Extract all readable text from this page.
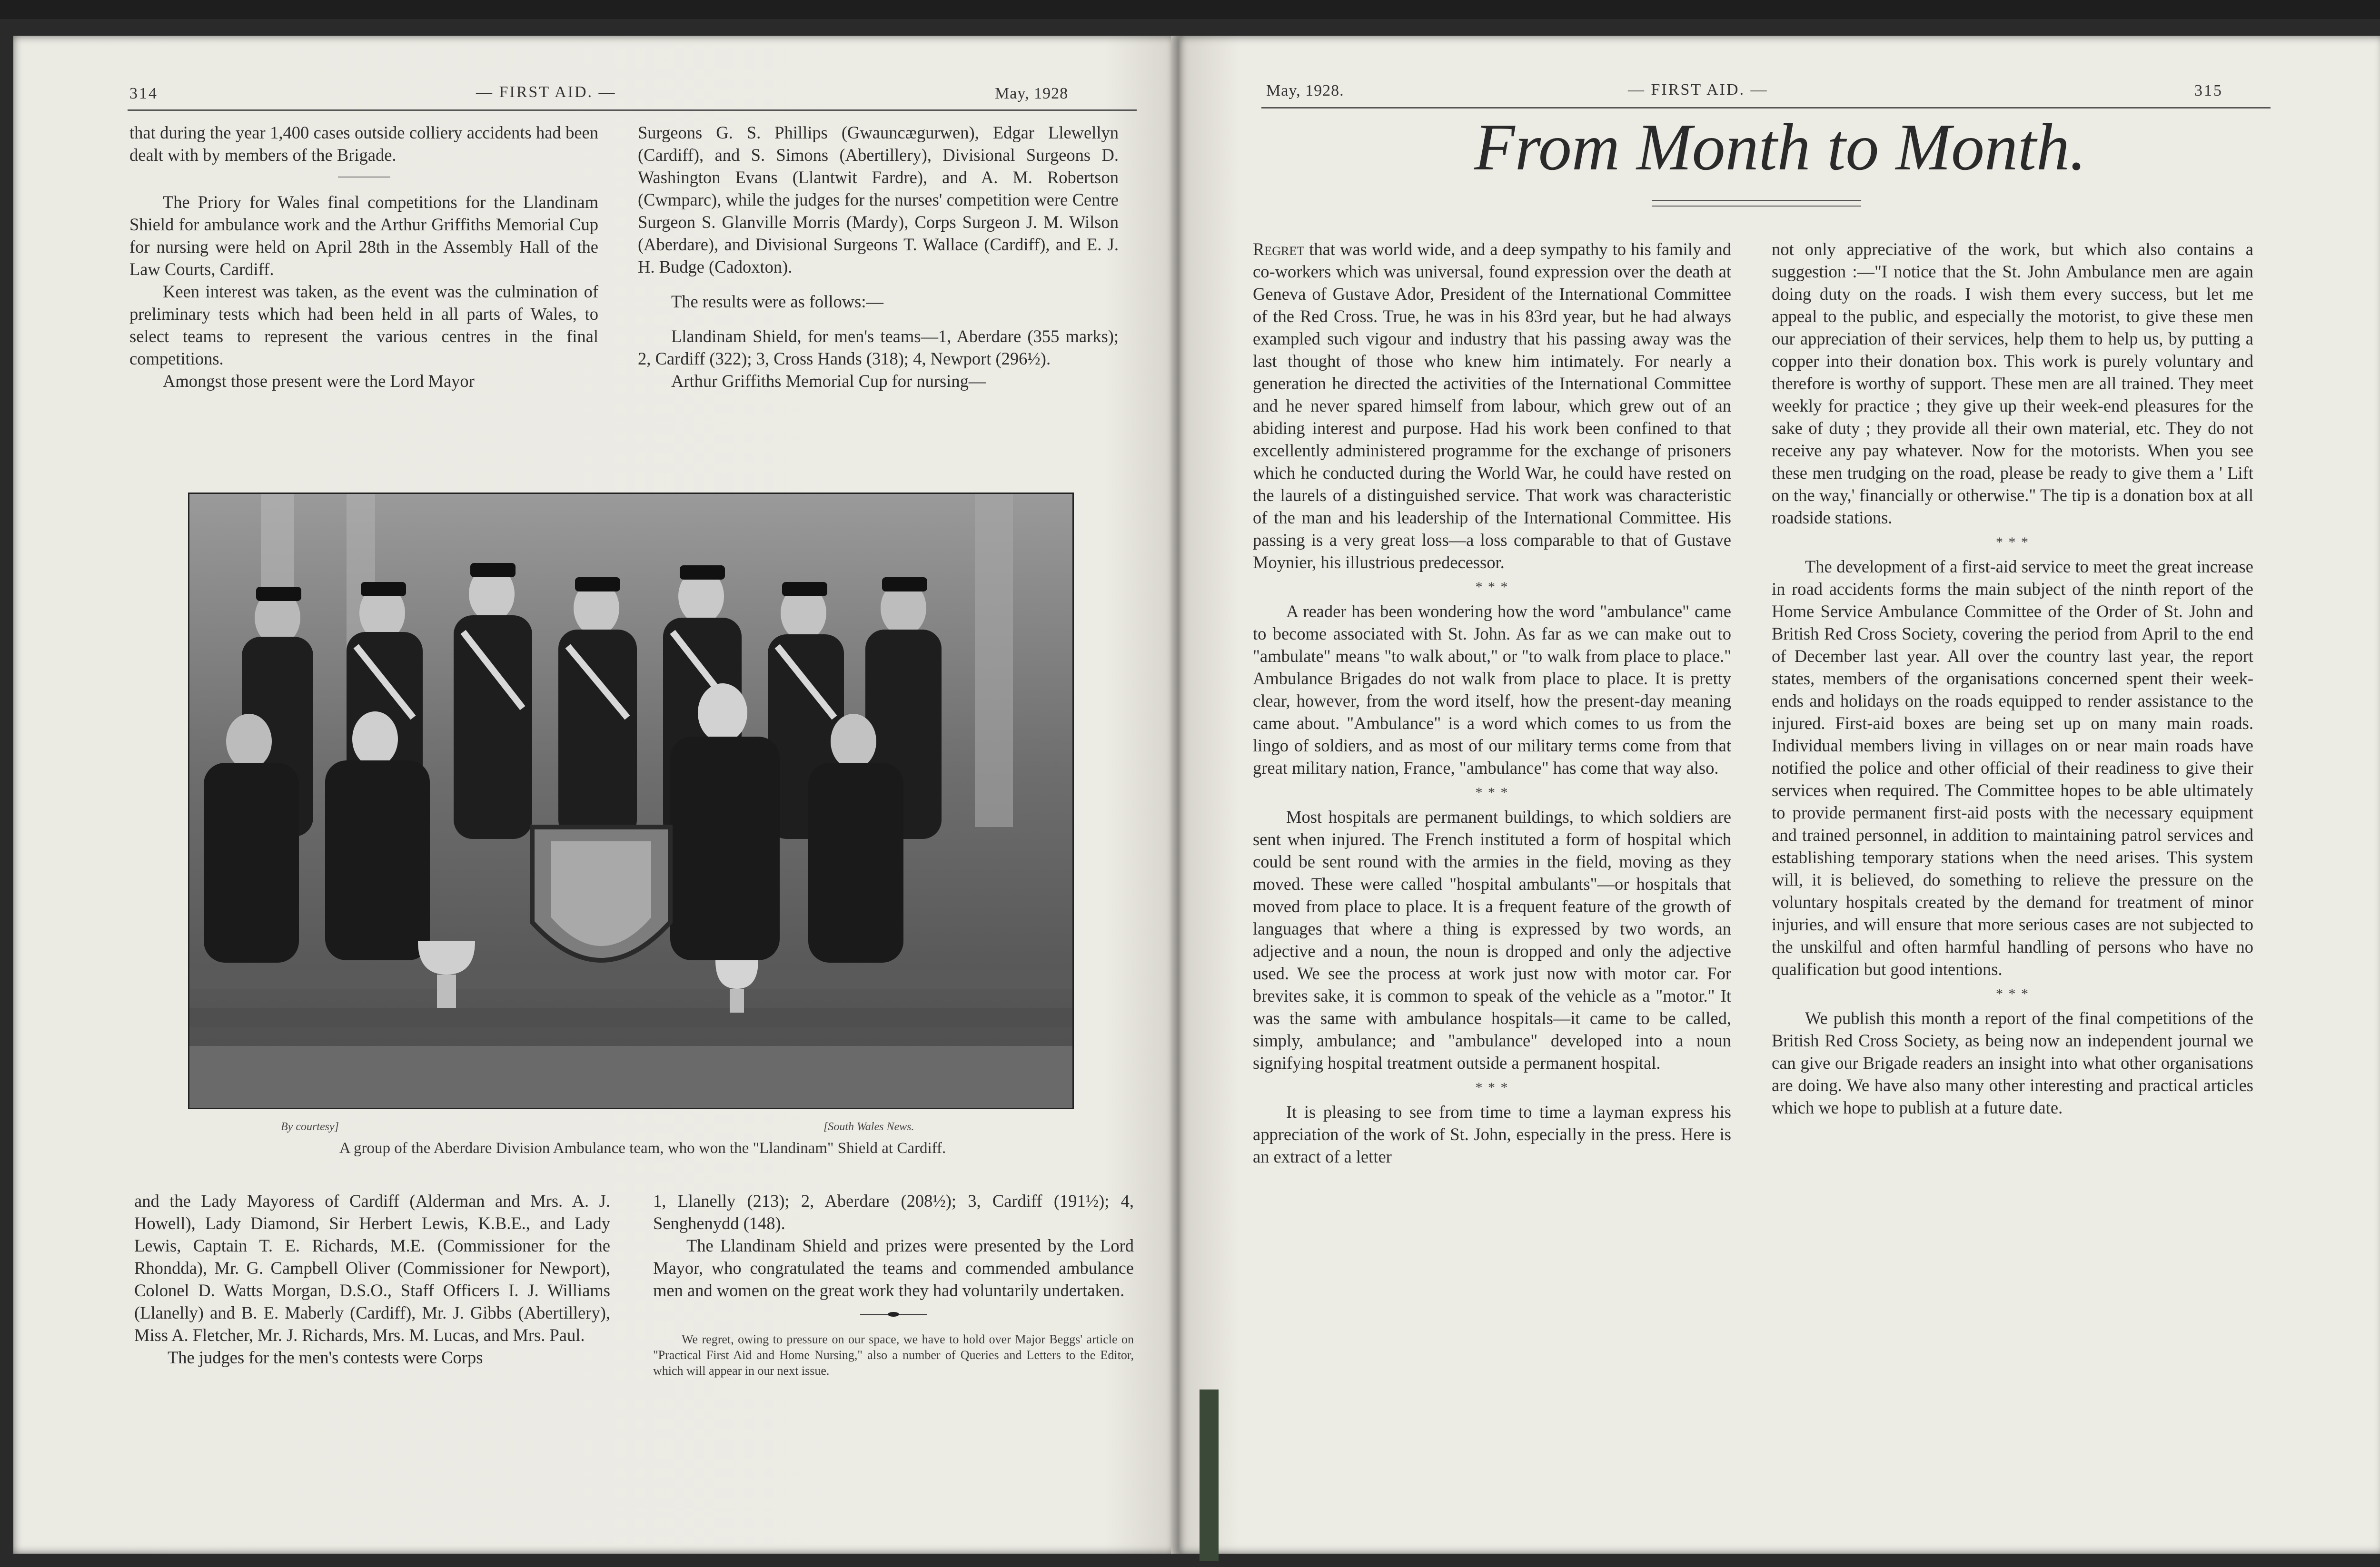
314	— FIRST AID. —	May, 1928

that during the year 1,400 cases outside colliery accidents had been dealt with by members of the Brigade.

The Priory for Wales final competitions for the Llandinam Shield for ambulance work and the Arthur Griffiths Memorial Cup for nursing were held on April 28th in the Assembly Hall of the Law Courts, Cardiff.

Keen interest was taken, as the event was the culmination of preliminary tests which had been held in all parts of Wales, to select teams to represent the various centres in the final competitions.

Amongst those present were the Lord Mayor

Surgeons G. S. Phillips (Gwauncægurwen), Edgar Llewellyn (Cardiff), and S. Simons (Abertillery), Divisional Surgeons D. Washington Evans (Llantwit Fardre), and A. M. Robertson (Cwmparc), while the judges for the nurses' competition were Centre Surgeon S. Glanville Morris (Mardy), Corps Surgeon J. M. Wilson (Aberdare), and Divisional Surgeons T. Wallace (Cardiff), and E. J. H. Budge (Cadoxton).

The results were as follows:—

Llandinam Shield, for men's teams—1, Aberdare (355 marks); 2, Cardiff (322); 3, Cross Hands (318); 4, Newport (296½).

Arthur Griffiths Memorial Cup for nursing—

By courtesy]	[South Wales News.
A group of the Aberdare Division Ambulance team, who won the "Llandinam" Shield at Cardiff.

and the Lady Mayoress of Cardiff (Alderman and Mrs. A. J. Howell), Lady Diamond, Sir Herbert Lewis, K.B.E., and Lady Lewis, Captain T. E. Richards, M.E. (Commissioner for the Rhondda), Mr. G. Campbell Oliver (Commissioner for Newport), Colonel D. Watts Morgan, D.S.O., Staff Officers I. J. Williams (Llanelly) and B. E. Maberly (Cardiff), Mr. J. Gibbs (Abertillery), Miss A. Fletcher, Mr. J. Richards, Mrs. M. Lucas, and Mrs. Paul.

The judges for the men's contests were Corps

1, Llanelly (213); 2, Aberdare (208½); 3, Cardiff (191½); 4, Senghenydd (148).

The Llandinam Shield and prizes were presented by the Lord Mayor, who congratulated the teams and commended ambulance men and women on the great work they had voluntarily undertaken.

We regret, owing to pressure on our space, we have to hold over Major Beggs' article on "Practical First Aid and Home Nursing," also a number of Queries and Letters to the Editor, which will appear in our next issue.

May, 1928.	— FIRST AID. —	315
From Month to Month.

Regret that was world wide, and a deep sympathy to his family and co-workers which was universal, found expression over the death at Geneva of Gustave Ador, President of the International Committee of the Red Cross. True, he was in his 83rd year, but he had always exampled such vigour and industry that his passing away was the last thought of those who knew him intimately. For nearly a generation he directed the activities of the International Committee and he never spared himself from labour, which grew out of an abiding interest and purpose. Had his work been confined to that excellently administered programme for the exchange of prisoners which he conducted during the World War, he could have rested on the laurels of a distinguished service. That work was characteristic of the man and his leadership of the International Committee. His passing is a very great loss—a loss comparable to that of Gustave Moynier, his illustrious predecessor.

* * *

A reader has been wondering how the word "ambulance" came to become associated with St. John. As far as we can make out to "ambulate" means "to walk about," or "to walk from place to place." Ambulance Brigades do not walk from place to place. It is pretty clear, however, from the word itself, how the present-day meaning came about. "Ambulance" is a word which comes to us from the lingo of soldiers, and as most of our military terms come from that great military nation, France, "ambulance" has come that way also.

* * *

Most hospitals are permanent buildings, to which soldiers are sent when injured. The French instituted a form of hospital which could be sent round with the armies in the field, moving as they moved. These were called "hospital ambulants"—or hospitals that moved from place to place. It is a frequent feature of the growth of languages that where a thing is expressed by two words, an adjective and a noun, the noun is dropped and only the adjective used. We see the process at work just now with motor car. For brevites sake, it is common to speak of the vehicle as a "motor." It was the same with ambulance hospitals—it came to be called, simply, ambulance; and "ambulance" developed into a noun signifying hospital treatment outside a permanent hospital.

* * *

It is pleasing to see from time to time a layman express his appreciation of the work of St. John, especially in the press. Here is an extract of a letter

not only appreciative of the work, but which also contains a suggestion :—"I notice that the St. John Ambulance men are again doing duty on the roads. I wish them every success, but let me appeal to the public, and especially the motorist, to give these men our appreciation of their services, help them to help us, by putting a copper into their donation box. This work is purely voluntary and therefore is worthy of support. These men are all trained. They meet weekly for practice ; they give up their week-end pleasures for the sake of duty ; they provide all their own material, etc. They do not receive any pay whatever. Now for the motorists. When you see these men trudging on the road, please be ready to give them a ' Lift on the way,' financially or otherwise." The tip is a donation box at all roadside stations.

* * *

The development of a first-aid service to meet the great increase in road accidents forms the main subject of the ninth report of the Home Service Ambulance Committee of the Order of St. John and British Red Cross Society, covering the period from April to the end of December last year. All over the country last year, the report states, members of the organisations concerned spent their week-ends and holidays on the roads equipped to render assistance to the injured. First-aid boxes are being set up on many main roads. Individual members living in villages on or near main roads have notified the police and other official of their readiness to give their services when required. The Committee hopes to be able ultimately to provide permanent first-aid posts with the necessary equipment and trained personnel, in addition to maintaining patrol services and establishing temporary stations when the need arises. This system will, it is believed, do something to relieve the pressure on the voluntary hospitals created by the demand for treatment of minor injuries, and will ensure that more serious cases are not subjected to the unskilful and often harmful handling of persons who have no qualification but good intentions.

* * *

We publish this month a report of the final competitions of the British Red Cross Society, as being now an independent journal we can give our Brigade readers an insight into what other organisations are doing. We have also many other interesting and practical articles which we hope to publish at a future date.
